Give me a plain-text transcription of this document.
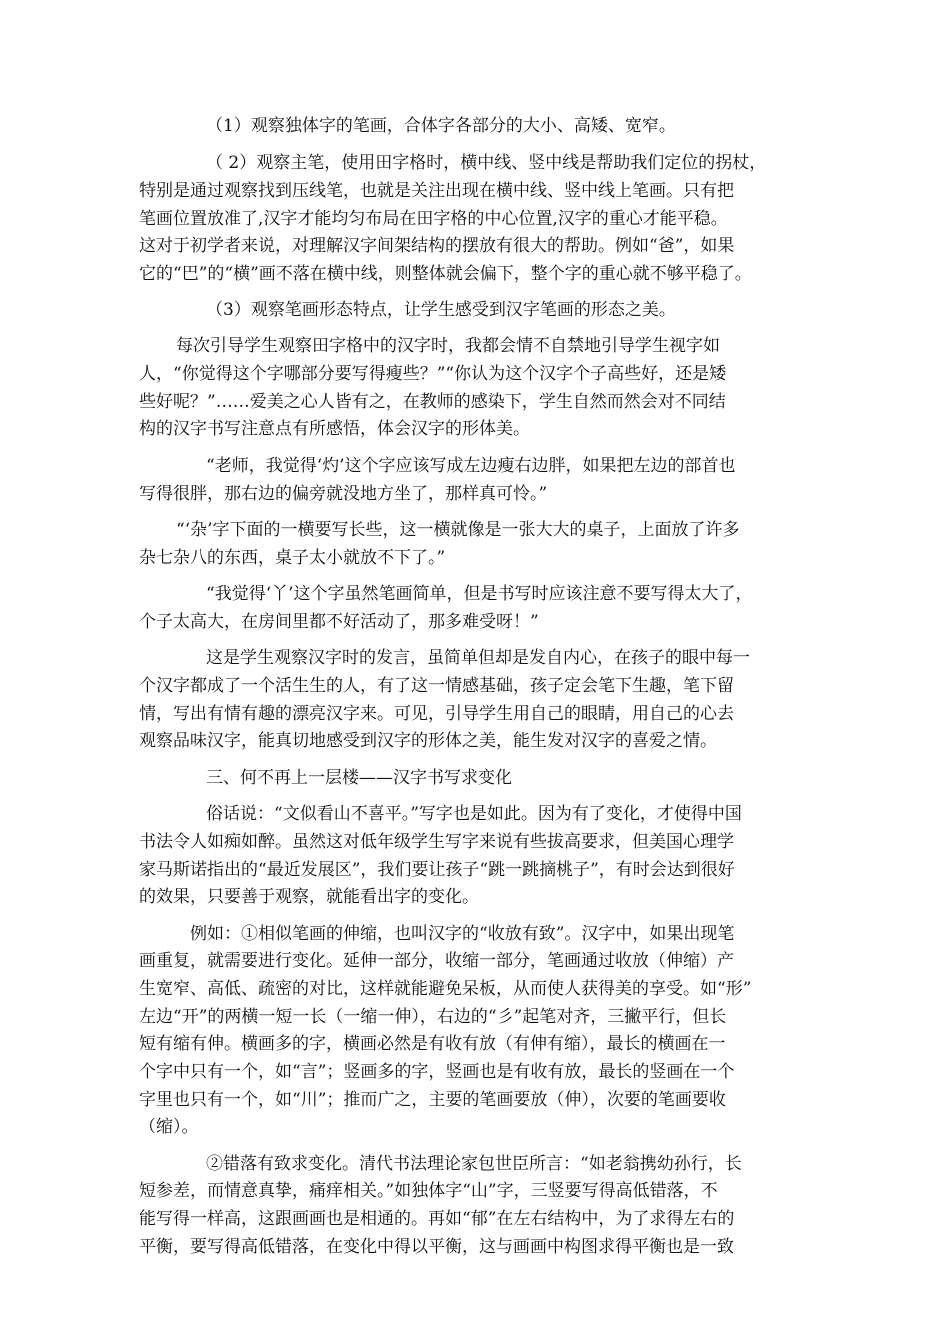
（1）观察独体字的笔画，合体字各部分的大小、高矮、宽窄。
（ 2）观察主笔，使用田字格时，横中线、竖中线是帮助我们定位的拐杖，
特别是通过观察找到压线笔，也就是关注出现在横中线、竖中线上笔画。只有把
笔画位置放准了,汉字才能均匀布局在田字格的中心位置,汉字的重心才能平稳。
这对于初学者来说，对理解汉字间架结构的摆放有很大的帮助。例如“爸”，如果
它的“巴”的“横”画不落在横中线，则整体就会偏下，整个字的重心就不够平稳了。
（3）观察笔画形态特点，让学生感受到汉字笔画的形态之美。
每次引导学生观察田字格中的汉字时，我都会情不自禁地引导学生视字如
人，“你觉得这个字哪部分要写得瘦些？”“你认为这个汉字个子高些好，还是矮
些好呢？”……爱美之心人皆有之，在教师的感染下，学生自然而然会对不同结
构的汉字书写注意点有所感悟，体会汉字的形体美。
“老师，我觉得‘灼’这个字应该写成左边瘦右边胖，如果把左边的部首也
写得很胖，那右边的偏旁就没地方坐了，那样真可怜。”
“‘杂’字下面的一横要写长些，这一横就像是一张大大的桌子，上面放了许多
杂七杂八的东西，桌子太小就放不下了。”
“我觉得‘丫’这个字虽然笔画简单，但是书写时应该注意不要写得太大了，
个子太高大，在房间里都不好活动了，那多难受呀！”
这是学生观察汉字时的发言，虽简单但却是发自内心，在孩子的眼中每一
个汉字都成了一个活生生的人，有了这一情感基础，孩子定会笔下生趣，笔下留
情，写出有情有趣的漂亮汉字来。可见，引导学生用自己的眼睛，用自己的心去
观察品味汉字，能真切地感受到汉字的形体之美，能生发对汉字的喜爱之情。
三、何不再上一层楼——汉字书写求变化
俗话说：“文似看山不喜平。”写字也是如此。因为有了变化，才使得中国
书法令人如痴如醉。虽然这对低年级学生写字来说有些拔高要求，但美国心理学
家马斯诺指出的“最近发展区”，我们要让孩子“跳一跳摘桃子”，有时会达到很好
的效果，只要善于观察，就能看出字的变化。
例如：①相似笔画的伸缩，也叫汉字的“收放有致”。汉字中，如果出现笔
画重复，就需要进行变化。延伸一部分，收缩一部分，笔画通过收放（伸缩）产
生宽窄、高低、疏密的对比，这样就能避免呆板，从而使人获得美的享受。如“形”
左边“开”的两横一短一长（一缩一伸），右边的“彡”起笔对齐，三撇平行，但长
短有缩有伸。横画多的字，横画必然是有收有放（有伸有缩），最长的横画在一
个字中只有一个，如“言”；竖画多的字，竖画也是有收有放，最长的竖画在一个
字里也只有一个，如“川”；推而广之，主要的笔画要放（伸），次要的笔画要收
（缩）。
②错落有致求变化。清代书法理论家包世臣所言：“如老翁携幼孙行，长
短参差，而情意真挚，痛痒相关。”如独体字“山”字，三竖要写得高低错落，不
能写得一样高，这跟画画也是相通的。再如“郁”在左右结构中，为了求得左右的
平衡，要写得高低错落，在变化中得以平衡，这与画画中构图求得平衡也是一致
